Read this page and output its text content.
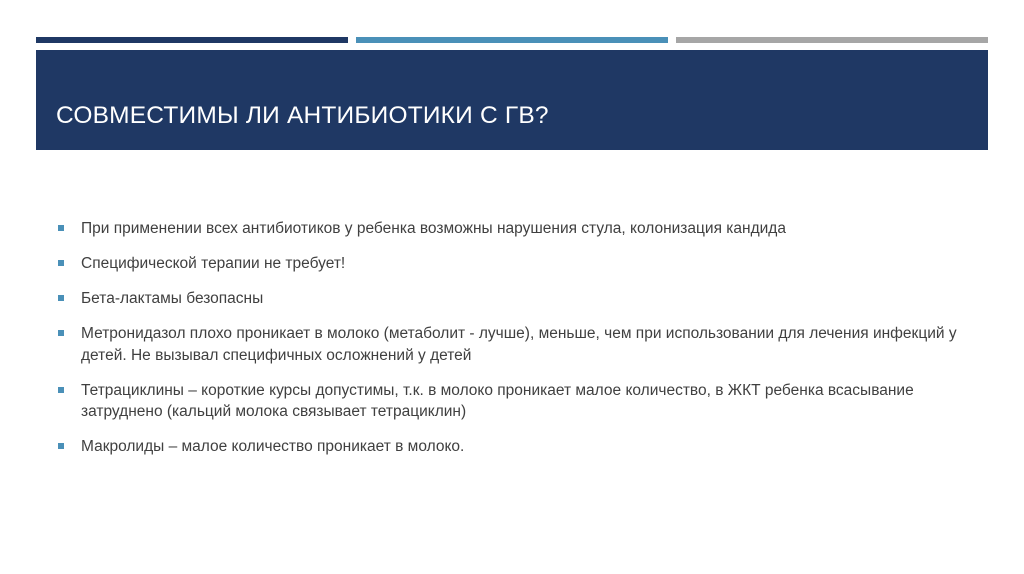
СОВМЕСТИМЫ ЛИ АНТИБИОТИКИ С ГВ?
При применении всех антибиотиков у ребенка возможны нарушения стула, колонизация кандида
Специфической терапии не требует!
Бета-лактамы безопасны
Метронидазол плохо проникает в молоко (метаболит - лучше), меньше, чем при использовании для лечения инфекций у детей. Не вызывал специфичных осложнений у детей
Тетрациклины – короткие курсы допустимы, т.к. в молоко проникает малое количество, в ЖКТ ребенка всасывание затруднено (кальций молока связывает тетрациклин)
Макролиды – малое количество проникает в молоко.
